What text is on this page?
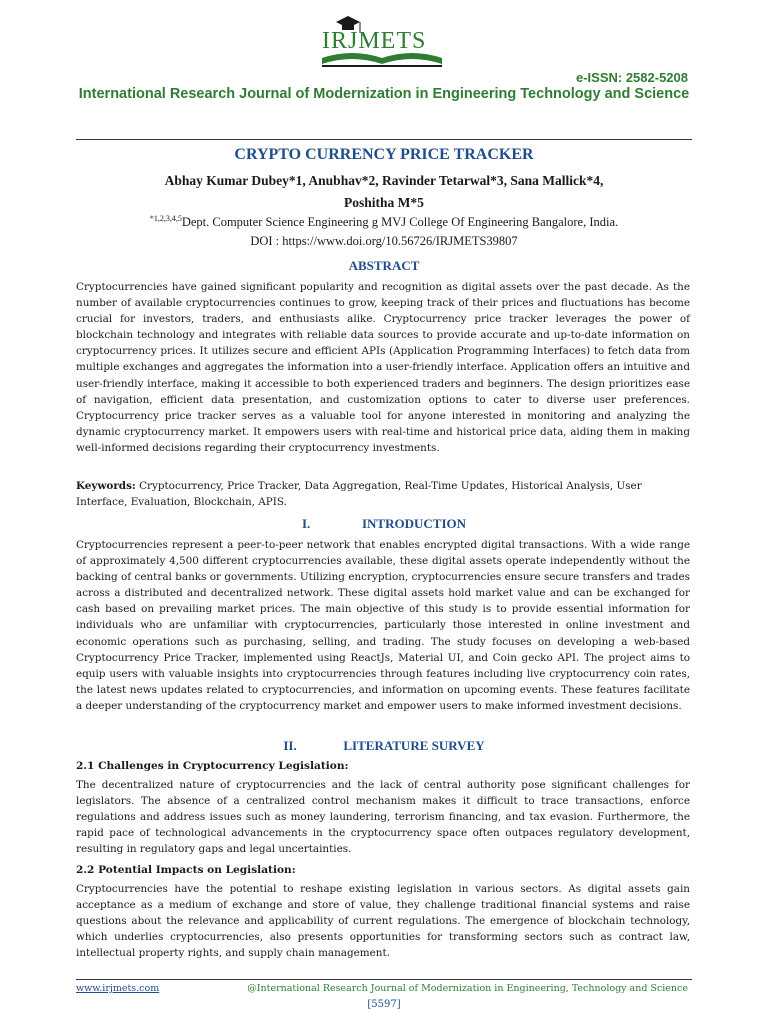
IRJMETS
e-ISSN: 2582-5208
International Research Journal of Modernization in Engineering Technology and Science
CRYPTO CURRENCY PRICE TRACKER
Abhay Kumar Dubey*1, Anubhav*2, Ravinder Tetarwal*3, Sana Mallick*4,
Poshitha M*5
$^{*1,2,3,4,5}$Dept. Computer Science Engineering g MVJ College Of Engineering Bangalore, India.
DOI : https://www.doi.org/10.56726/IRJMETS39807
ABSTRACT
Cryptocurrencies have gained significant popularity and recognition as digital assets over the past decade. As the number of available cryptocurrencies continues to grow, keeping track of their prices and fluctuations has become crucial for investors, traders, and enthusiasts alike. Cryptocurrency price tracker leverages the power of blockchain technology and integrates with reliable data sources to provide accurate and up-to-date information on cryptocurrency prices. It utilizes secure and efficient APIs (Application Programming Interfaces) to fetch data from multiple exchanges and aggregates the information into a user-friendly interface. Application offers an intuitive and user-friendly interface, making it accessible to both experienced traders and beginners. The design prioritizes ease of navigation, efficient data presentation, and customization options to cater to diverse user preferences. Cryptocurrency price tracker serves as a valuable tool for anyone interested in monitoring and analyzing the dynamic cryptocurrency market. It empowers users with real-time and historical price data, aiding them in making well-informed decisions regarding their cryptocurrency investments.
Keywords: Cryptocurrency, Price Tracker, Data Aggregation, Real-Time Updates, Historical Analysis, User Interface, Evaluation, Blockchain, APIS.
I.	INTRODUCTION
Cryptocurrencies represent a peer-to-peer network that enables encrypted digital transactions. With a wide range of approximately 4,500 different cryptocurrencies available, these digital assets operate independently without the backing of central banks or governments. Utilizing encryption, cryptocurrencies ensure secure transfers and trades across a distributed and decentralized network. These digital assets hold market value and can be exchanged for cash based on prevailing market prices. The main objective of this study is to provide essential information for individuals who are unfamiliar with cryptocurrencies, particularly those interested in online investment and economic operations such as purchasing, selling, and trading. The study focuses on developing a web-based Cryptocurrency Price Tracker, implemented using ReactJs, Material UI, and Coin gecko API. The project aims to equip users with valuable insights into cryptocurrencies through features including live cryptocurrency coin rates, the latest news updates related to cryptocurrencies, and information on upcoming events. These features facilitate a deeper understanding of the cryptocurrency market and empower users to make informed investment decisions.
II.	LITERATURE SURVEY
2.1 Challenges in Cryptocurrency Legislation:
The decentralized nature of cryptocurrencies and the lack of central authority pose significant challenges for legislators. The absence of a centralized control mechanism makes it difficult to trace transactions, enforce regulations and address issues such as money laundering, terrorism financing, and tax evasion. Furthermore, the rapid pace of technological advancements in the cryptocurrency space often outpaces regulatory development, resulting in regulatory gaps and legal uncertainties.
2.2 Potential Impacts on Legislation:
Cryptocurrencies have the potential to reshape existing legislation in various sectors. As digital assets gain acceptance as a medium of exchange and store of value, they challenge traditional financial systems and raise questions about the relevance and applicability of current regulations. The emergence of blockchain technology, which underlies cryptocurrencies, also presents opportunities for transforming sectors such as contract law, intellectual property rights, and supply chain management.
www.irjmets.com	@International Research Journal of Modernization in Engineering, Technology and Science
[5597]
